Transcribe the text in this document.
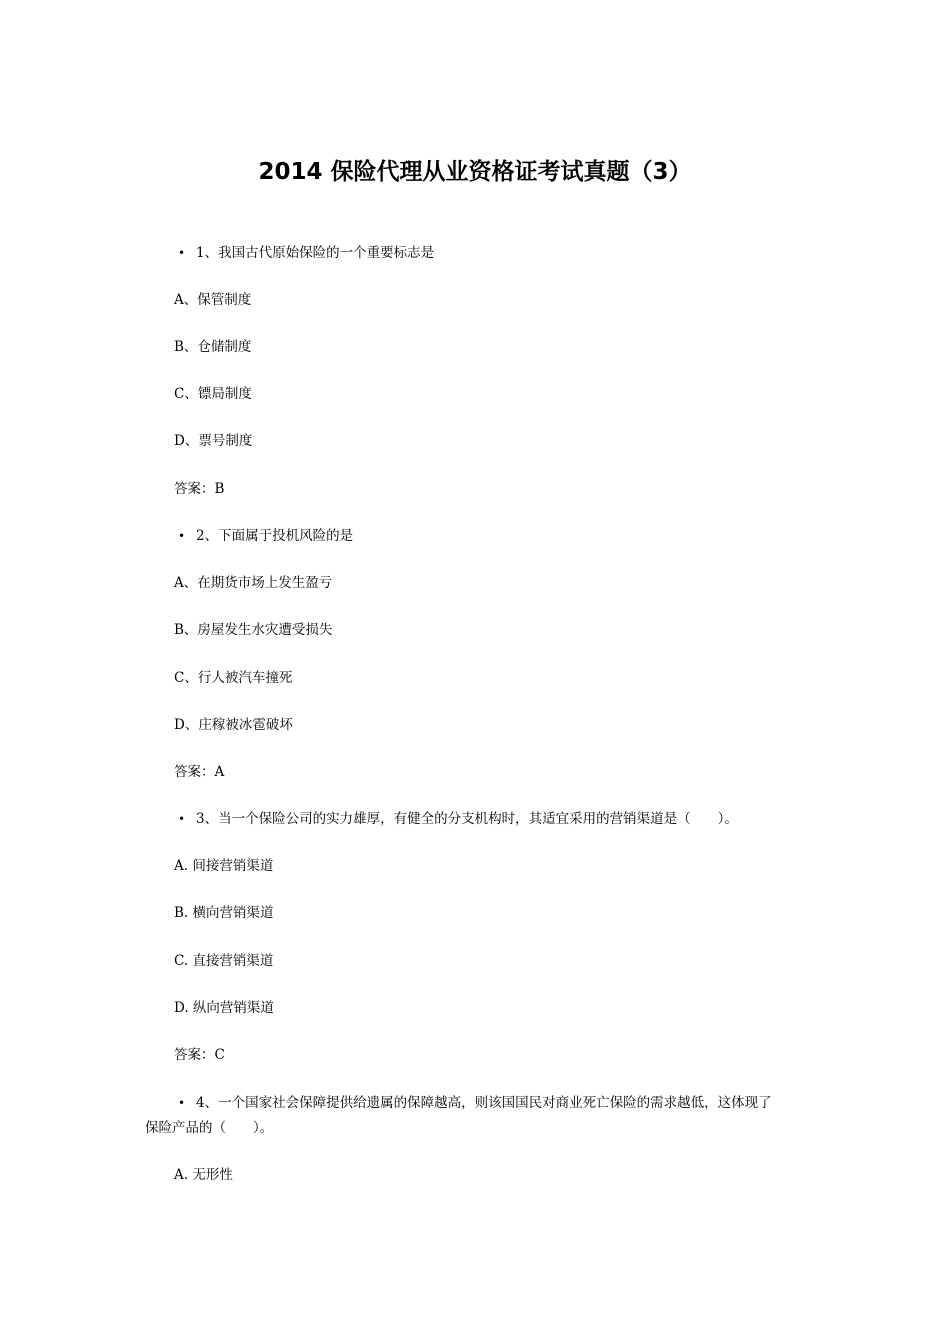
2014 保险代理从业资格证考试真题（3）
• 1、我国古代原始保险的一个重要标志是
A、保管制度
B、仓储制度
C、镖局制度
D、票号制度
答案：B
• 2、下面属于投机风险的是
A、在期货市场上发生盈亏
B、房屋发生水灾遭受损失
C、行人被汽车撞死
D、庄稼被冰雹破坏
答案：A
• 3、当一个保险公司的实力雄厚，有健全的分支机构时，其适宜采用的营销渠道是（　　）。
A. 间接营销渠道
B. 横向营销渠道
C. 直接营销渠道
D. 纵向营销渠道
答案：C
• 4、一个国家社会保障提供给遗属的保障越高，则该国国民对商业死亡保险的需求越低，这体现了
保险产品的（　　）。
A. 无形性
